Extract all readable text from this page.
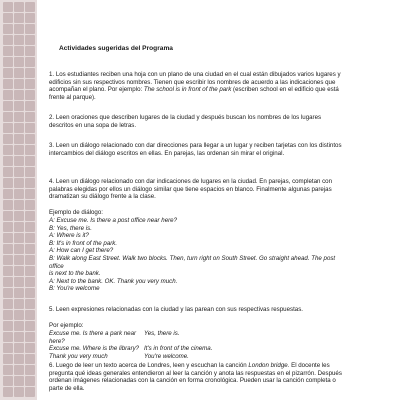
Actividades sugeridas del Programa

1. Los estudiantes reciben una hoja con un plano de una ciudad en el cual están dibujados varios lugares y edificios sin sus respectivos nombres. Tienen que escribir los nombres de acuerdo a las indicaciones que acompañan el plano. Por ejemplo: The school is in front of the park (escriben school en el edificio que está frente al parque).

2. Leen oraciones que describen lugares de la ciudad y después buscan los nombres de los lugares descritos en una sopa de letras.

3. Leen un diálogo relacionado con dar direcciones para llegar a un lugar y reciben tarjetas con los distintos intercambios del diálogo escritos en ellas. En parejas, las ordenan sin mirar el original.

4. Leen un diálogo relacionado con dar indicaciones de lugares en la ciudad. En parejas, completan con palabras elegidas por ellos un diálogo similar que tiene espacios en blanco. Finalmente algunas parejas dramatizan su diálogo frente a la clase.

Ejemplo de diálogo:

A: Excuse me. Is there a post office near here?
B: Yes, there is.
A: Where is it?
B: It's in front of the park.
A: How can I get there?
B: Walk along East Street. Walk two blocks. Then, turn right on South Street. Go straight ahead. The post office
is next to the bank.
A: Next to the bank. OK. Thank you very much.
B: You're welcome

5. Leen expresiones relacionadas con la ciudad y las parean con sus respectivas respuestas.

Por ejemplo:

Excuse me. Is there a park near here?
Yes, there is.
Excuse me. Where is the library? It's in front of the cinema.
Thank you very much	You're welcome.

6. Luego de leer un texto acerca de Londres, leen y escuchan la canción London bridge. El docente les pregunta qué ideas generales entendieron al leer la canción y anota las respuestas en el pizarrón. Después ordenan imágenes relacionadas con la canción en forma cronológica. Pueden usar la canción completa o parte de ella.
